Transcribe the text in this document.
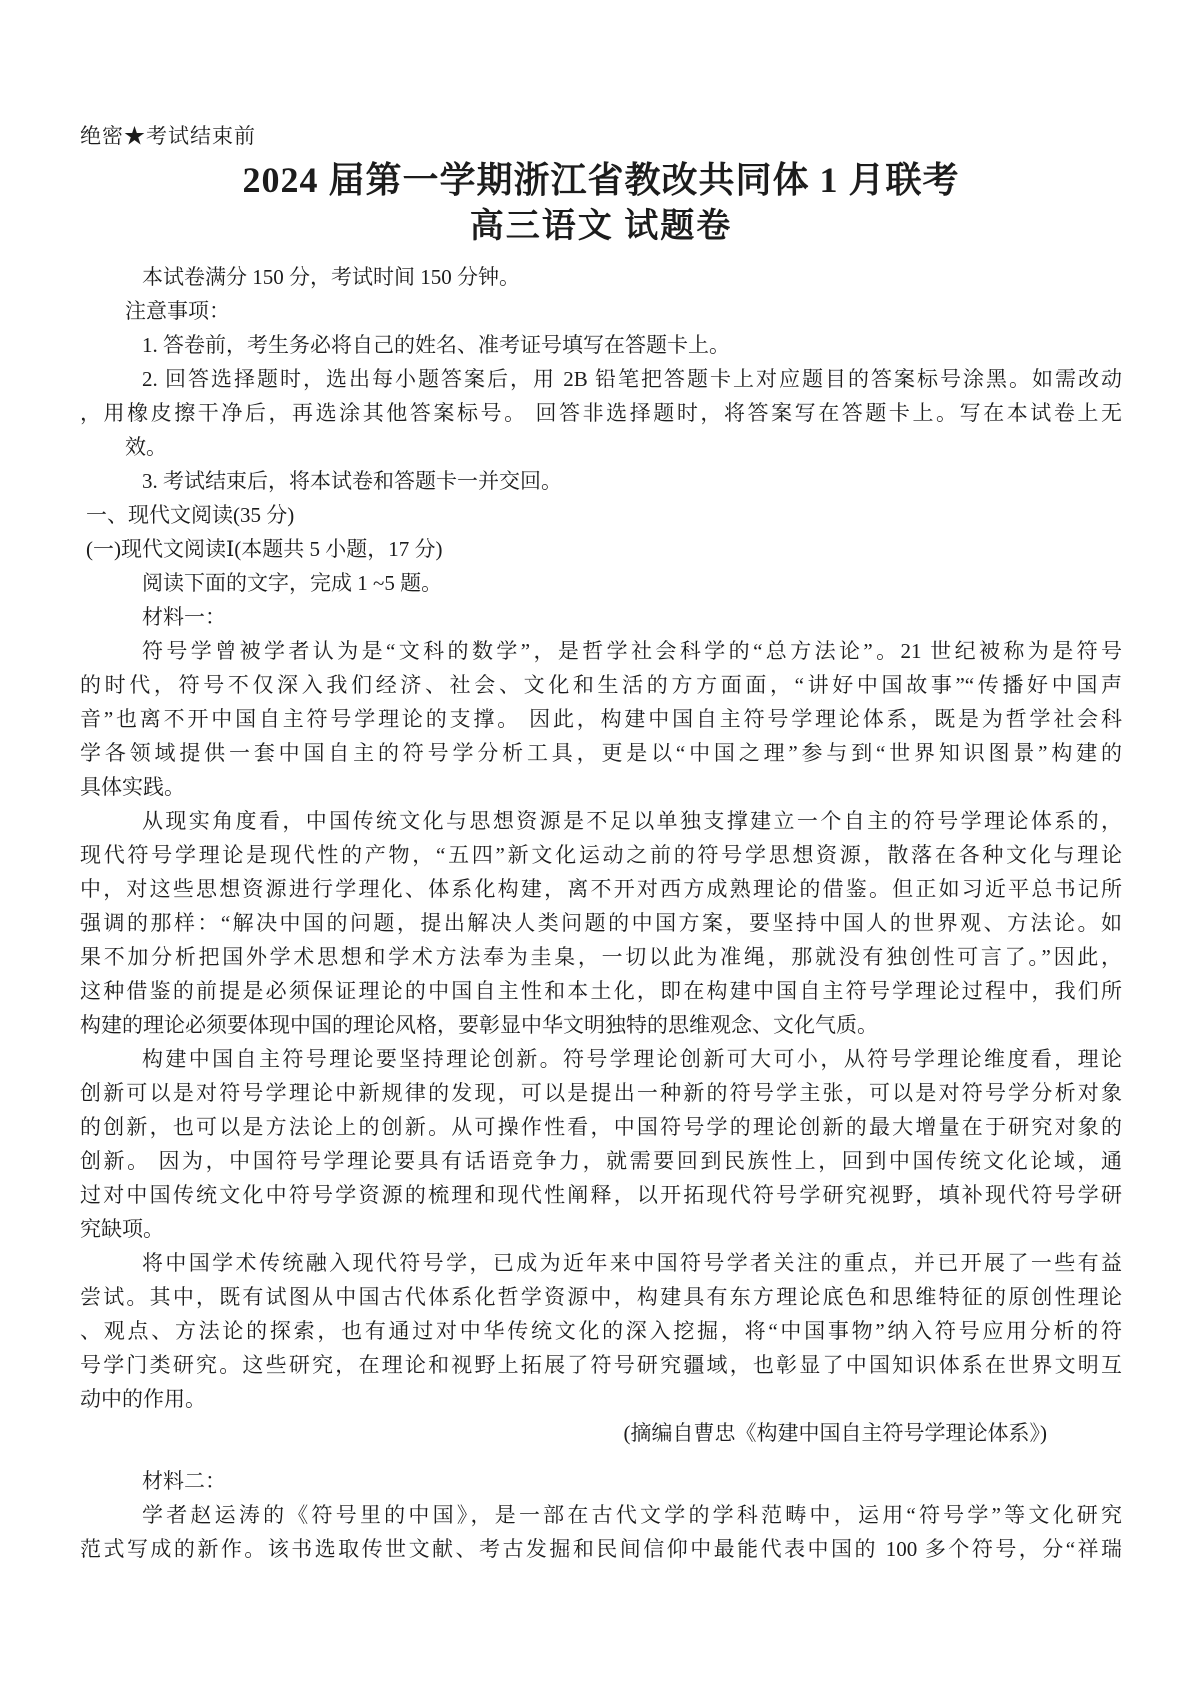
绝密★考试结束前
2024 届第一学期浙江省教改共同体 1 月联考
高三语文 试题卷
本试卷满分 150 分，考试时间 150 分钟。
注意事项：
1. 答卷前，考生务必将自己的姓名、准考证号填写在答题卡上。
2. 回答选择题时，选出每小题答案后，用 2B 铅笔把答题卡上对应题目的答案标号涂黑。如需改动
，用橡皮擦干净后，再选涂其他答案标号。 回答非选择题时，将答案写在答题卡上。写在本试卷上无
效。
3. 考试结束后，将本试卷和答题卡一并交回。
一、现代文阅读(35 分)
(一)现代文阅读Ⅰ(本题共 5 小题，17 分)
阅读下面的文字，完成 1 ~5 题。
材料一：
符号学曾被学者认为是“文科的数学”，是哲学社会科学的“总方法论”。21 世纪被称为是符号
的时代，符号不仅深入我们经济、社会、文化和生活的方方面面，“讲好中国故事”“传播好中国声
音”也离不开中国自主符号学理论的支撑。 因此，构建中国自主符号学理论体系，既是为哲学社会科
学各领域提供一套中国自主的符号学分析工具，更是以“中国之理”参与到“世界知识图景”构建的
具体实践。
从现实角度看，中国传统文化与思想资源是不足以单独支撑建立一个自主的符号学理论体系的，
现代符号学理论是现代性的产物，“五四”新文化运动之前的符号学思想资源，散落在各种文化与理论
中，对这些思想资源进行学理化、体系化构建，离不开对西方成熟理论的借鉴。但正如习近平总书记所
强调的那样：“解决中国的问题，提出解决人类问题的中国方案，要坚持中国人的世界观、方法论。如
果不加分析把国外学术思想和学术方法奉为圭臬，一切以此为准绳，那就没有独创性可言了。”因此，
这种借鉴的前提是必须保证理论的中国自主性和本土化，即在构建中国自主符号学理论过程中，我们所
构建的理论必须要体现中国的理论风格，要彰显中华文明独特的思维观念、文化气质。
构建中国自主符号理论要坚持理论创新。符号学理论创新可大可小，从符号学理论维度看，理论
创新可以是对符号学理论中新规律的发现，可以是提出一种新的符号学主张，可以是对符号学分析对象
的创新，也可以是方法论上的创新。从可操作性看，中国符号学的理论创新的最大增量在于研究对象的
创新。 因为，中国符号学理论要具有话语竞争力，就需要回到民族性上，回到中国传统文化论域，通
过对中国传统文化中符号学资源的梳理和现代性阐释，以开拓现代符号学研究视野，填补现代符号学研
究缺项。
将中国学术传统融入现代符号学，已成为近年来中国符号学者关注的重点，并已开展了一些有益
尝试。其中，既有试图从中国古代体系化哲学资源中，构建具有东方理论底色和思维特征的原创性理论
、观点、方法论的探索，也有通过对中华传统文化的深入挖掘，将“中国事物”纳入符号应用分析的符
号学门类研究。这些研究，在理论和视野上拓展了符号研究疆域，也彰显了中国知识体系在世界文明互
动中的作用。
(摘编自曹忠《构建中国自主符号学理论体系》)
材料二：
学者赵运涛的《符号里的中国》，是一部在古代文学的学科范畴中，运用“符号学”等文化研究
范式写成的新作。该书选取传世文献、考古发掘和民间信仰中最能代表中国的 100 多个符号，分“祥瑞
